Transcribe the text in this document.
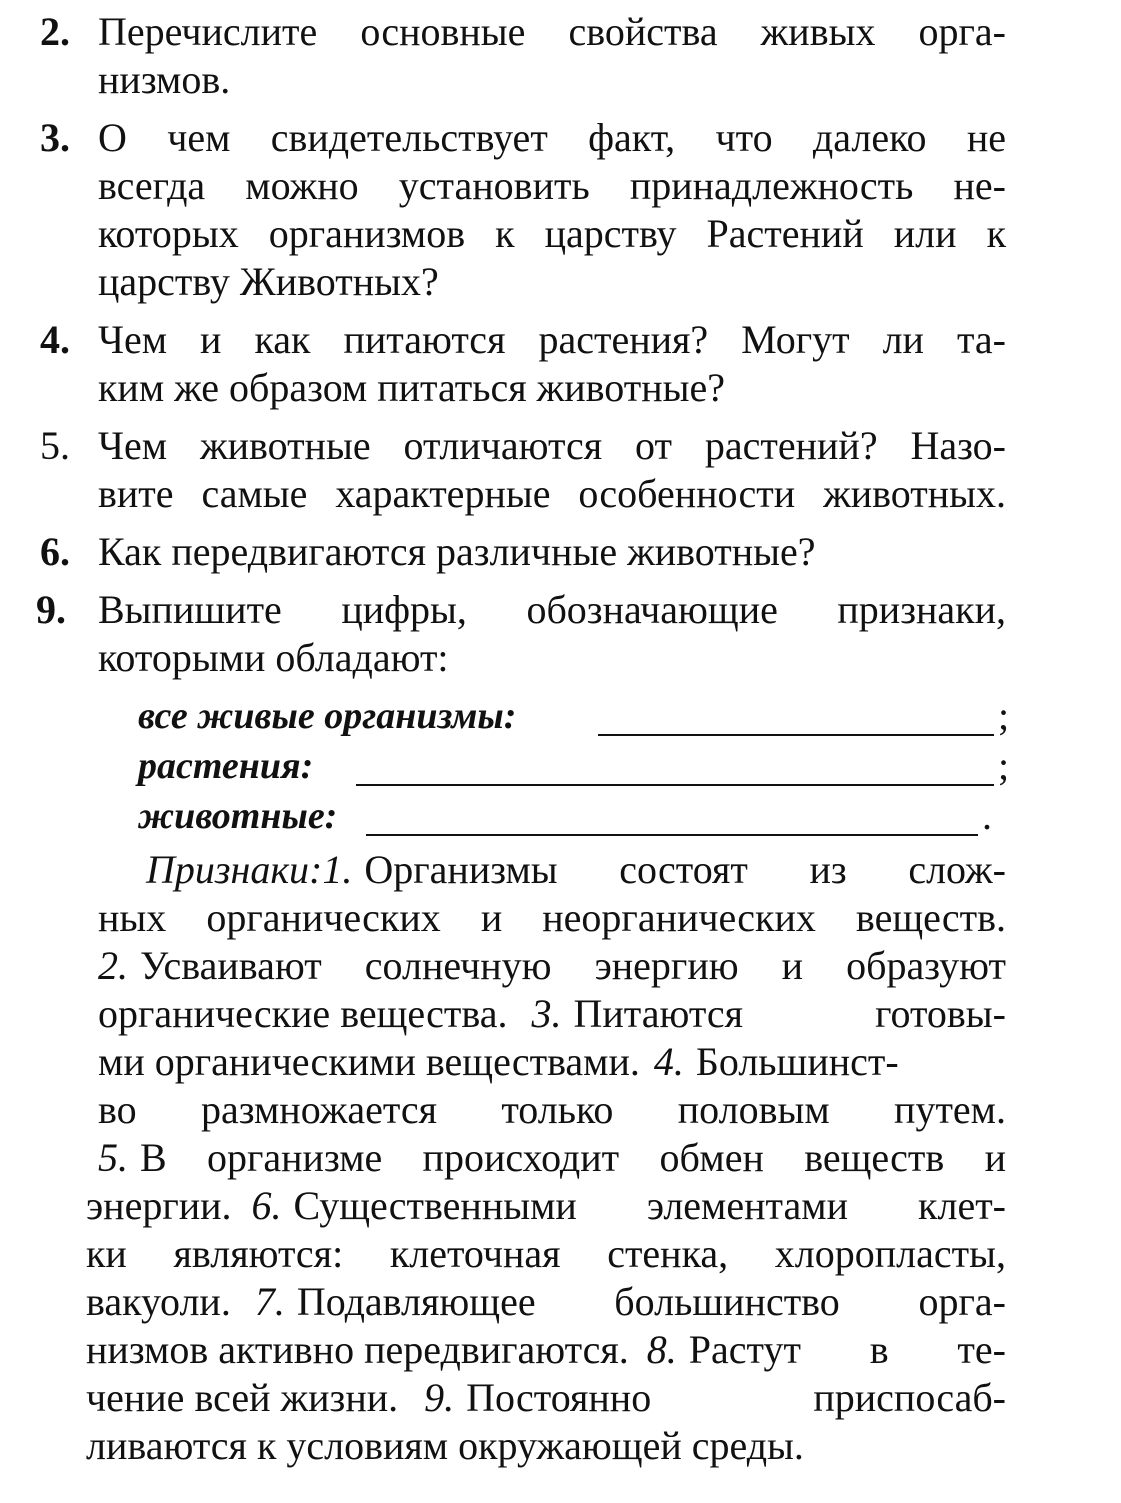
2. Перечислите основные свойства живых орга-
низмов.
3. О чем свидетельствует факт, что далеко не
всегда можно установить принадлежность не-
которых организмов к царству Растений или к
царству Животных?
4. Чем и как питаются растения? Могут ли та-
ким же образом питаться животные?
5. Чем животные отличаются от растений? Назо-
вите самые характерные особенности животных.
6. Как передвигаются различные животные?
9. Выпишите цифры, обозначающие признаки,
которыми обладают:
все живые организмы:	;
растения:	;
животные:	.
Признаки: 1. Организмы состоят из слож-
ных органических и неорганических веществ.
2. Усваивают солнечную энергию и образуют
органические вещества. 3. Питаются готовы-
ми органическими веществами. 4. Большинст-
во размножается только половым путем.
5. В организме происходит обмен веществ и
энергии. 6. Существенными элементами клет-
ки являются: клеточная стенка, хлоропласты,
вакуоли. 7. Подавляющее большинство орга-
низмов активно передвигаются. 8. Растут в те-
чение всей жизни. 9. Постоянно приспосаб-
ливаются к условиям окружающей среды.
